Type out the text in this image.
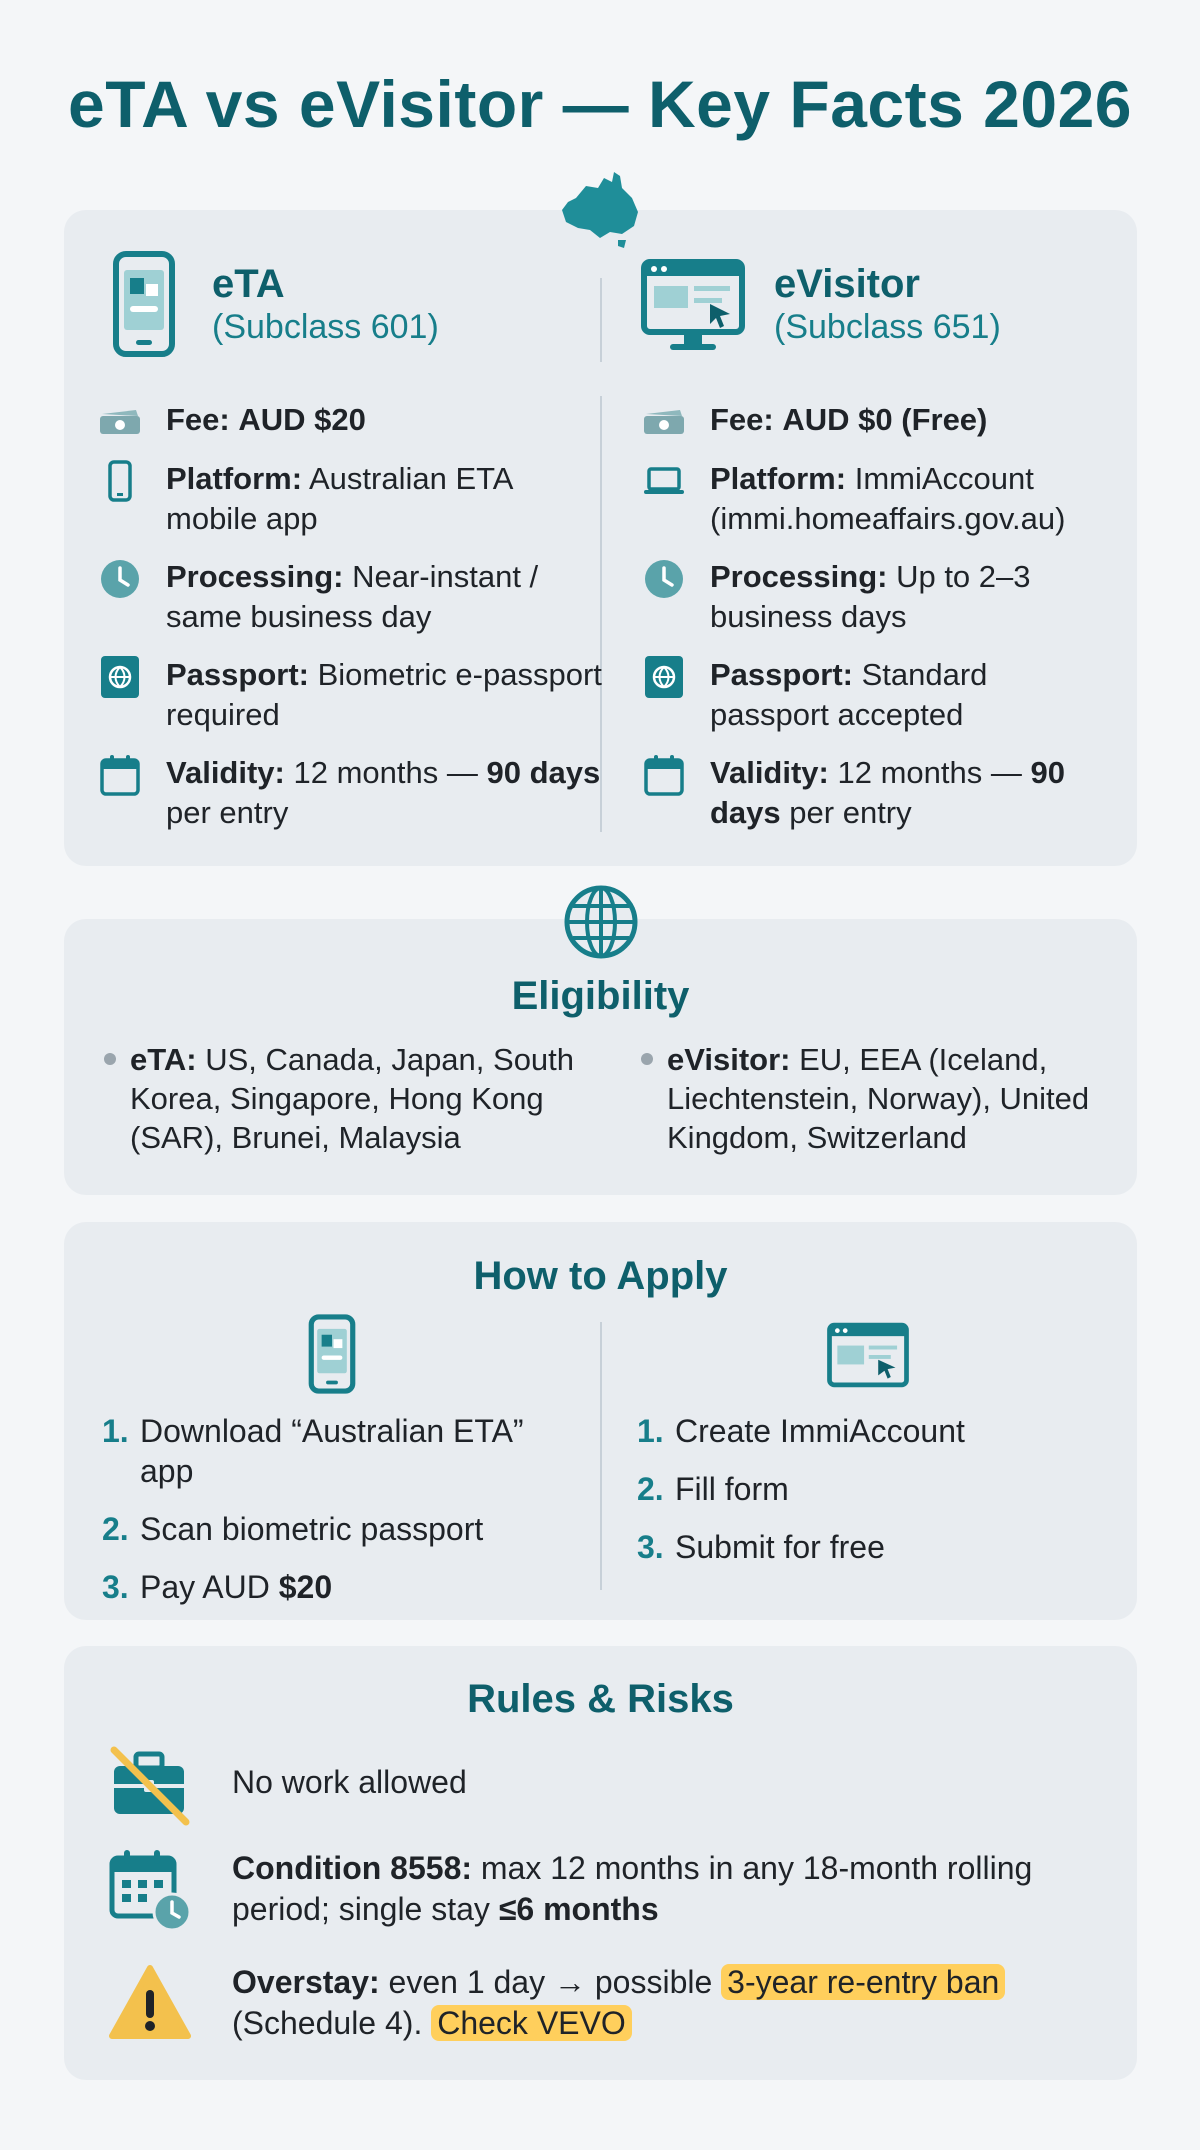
eTA vs eVisitor — Key Facts 2026
eTA
(Subclass 601)
eVisitor
(Subclass 651)
Fee: AUD $20
Platform: Australian ETA mobile app
Processing: Near-instant / same business day
Passport: Biometric e-passport required
Validity: 12 months — 90 days per entry
Fee: AUD $0 (Free)
Platform: ImmiAccount (immi.homeaffairs.gov.au)
Processing: Up to 2–3 business days
Passport: Standard passport accepted
Validity: 12 months — 90 days per entry
Eligibility
eTA: US, Canada, Japan, South Korea, Singapore, Hong Kong (SAR), Brunei, Malaysia
eVisitor: EU, EEA (Iceland, Liechtenstein, Norway), United Kingdom, Switzerland
How to Apply
1. Download “Australian ETA” app
2. Scan biometric passport
3. Pay AUD $20
1. Create ImmiAccount
2. Fill form
3. Submit for free
Rules & Risks
No work allowed
Condition 8558: max 12 months in any 18-month rolling period; single stay ≤6 months
Overstay: even 1 day → possible 3-year re-entry ban
(Schedule 4). Check VEVO
